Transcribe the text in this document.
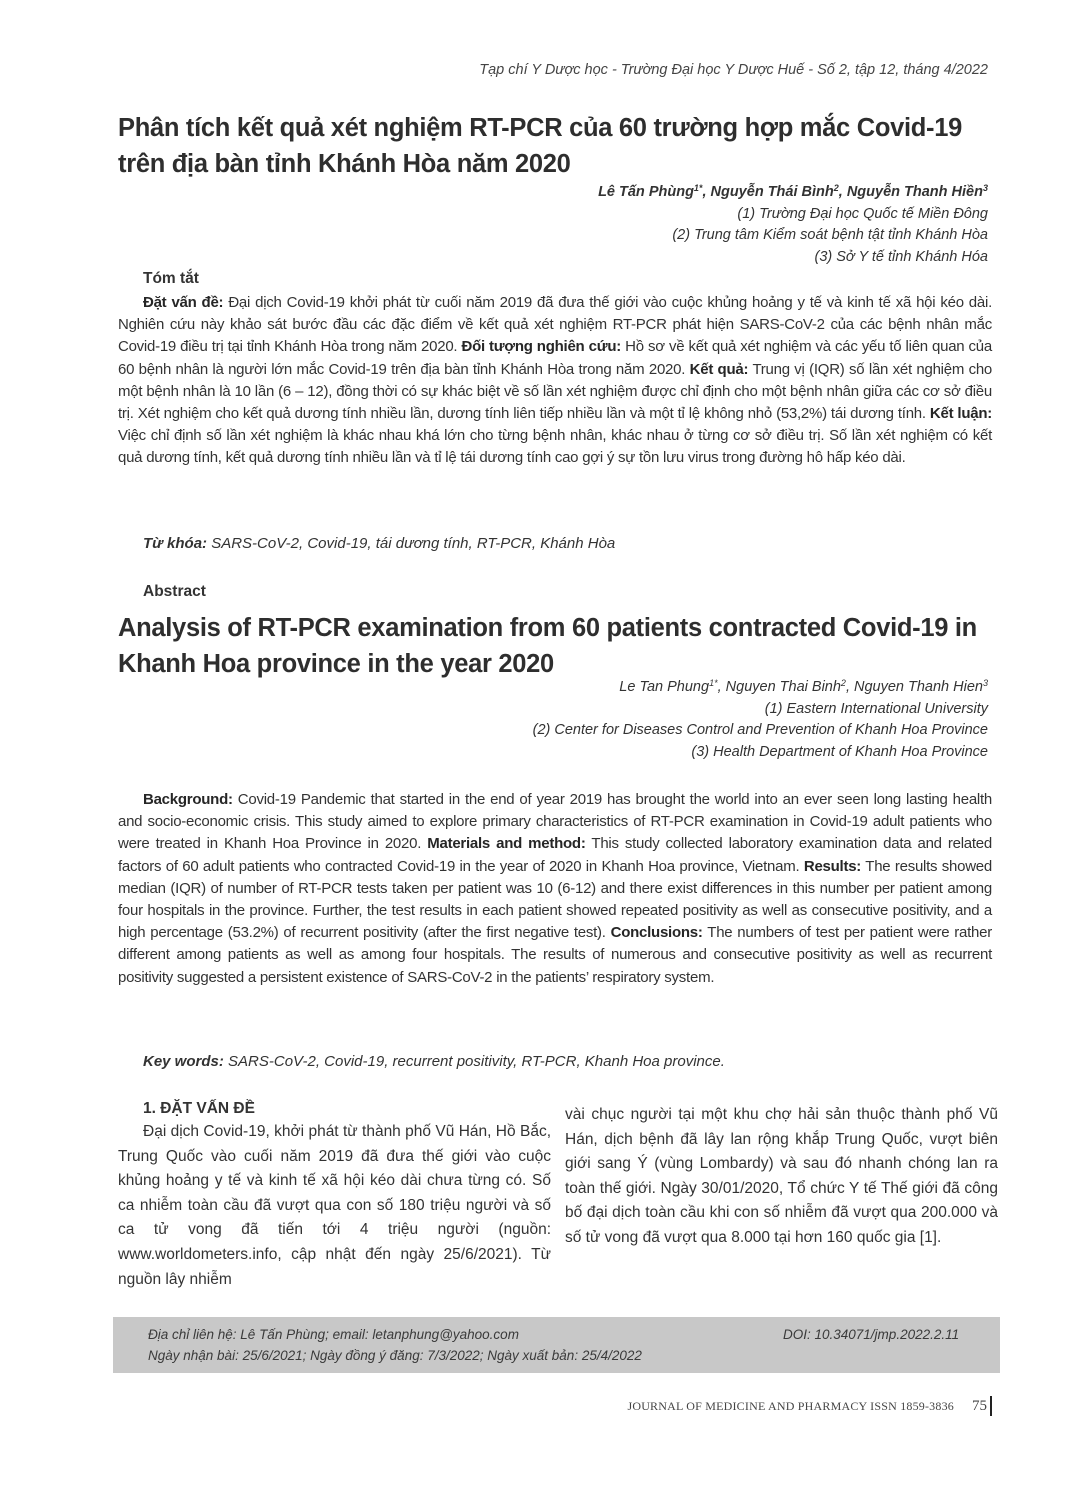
Tạp chí Y Dược học - Trường Đại học Y Dược Huế - Số 2, tập 12, tháng 4/2022
Phân tích kết quả xét nghiệm RT-PCR của 60 trường hợp mắc Covid-19 trên địa bàn tỉnh Khánh Hòa năm 2020
Lê Tấn Phùng$^{1*}$, Nguyễn Thái Bình$^2$, Nguyễn Thanh Hiền$^3$
(1) Trường Đại học Quốc tế Miền Đông
(2) Trung tâm Kiểm soát bệnh tật tỉnh Khánh Hòa
(3) Sở Y tế tỉnh Khánh Hóa
Tóm tắt
Đặt vấn đề: Đại dịch Covid-19 khởi phát từ cuối năm 2019 đã đưa thế giới vào cuộc khủng hoảng y tế và kinh tế xã hội kéo dài. Nghiên cứu này khảo sát bước đầu các đặc điểm về kết quả xét nghiệm RT-PCR phát hiện SARS-CoV-2 của các bệnh nhân mắc Covid-19 điều trị tại tỉnh Khánh Hòa trong năm 2020. Đối tượng nghiên cứu: Hồ sơ về kết quả xét nghiệm và các yếu tố liên quan của 60 bệnh nhân là người lớn mắc Covid-19 trên địa bàn tỉnh Khánh Hòa trong năm 2020. Kết quả: Trung vị (IQR) số lần xét nghiệm cho một bệnh nhân là 10 lần (6 – 12), đồng thời có sự khác biệt về số lần xét nghiệm được chỉ định cho một bệnh nhân giữa các cơ sở điều trị. Xét nghiệm cho kết quả dương tính nhiều lần, dương tính liên tiếp nhiều lần và một tỉ lệ không nhỏ (53,2%) tái dương tính. Kết luận: Việc chỉ định số lần xét nghiệm là khác nhau khá lớn cho từng bệnh nhân, khác nhau ở từng cơ sở điều trị. Số lần xét nghiệm có kết quả dương tính, kết quả dương tính nhiều lần và tỉ lệ tái dương tính cao gợi ý sự tồn lưu virus trong đường hô hấp kéo dài.
Từ khóa: SARS-CoV-2, Covid-19, tái dương tính, RT-PCR, Khánh Hòa
Abstract
Analysis of RT-PCR examination from 60 patients contracted Covid-19 in Khanh Hoa province in the year 2020
Le Tan Phung$^{1*}$, Nguyen Thai Binh$^2$, Nguyen Thanh Hien$^3$
(1) Eastern International University
(2) Center for Diseases Control and Prevention of Khanh Hoa Province
(3) Health Department of Khanh Hoa Province
Background: Covid-19 Pandemic that started in the end of year 2019 has brought the world into an ever seen long lasting health and socio-economic crisis. This study aimed to explore primary characteristics of RT-PCR examination in Covid-19 adult patients who were treated in Khanh Hoa Province in 2020. Materials and method: This study collected laboratory examination data and related factors of 60 adult patients who contracted Covid-19 in the year of 2020 in Khanh Hoa province, Vietnam. Results: The results showed median (IQR) of number of RT-PCR tests taken per patient was 10 (6-12) and there exist differences in this number per patient among four hospitals in the province. Further, the test results in each patient showed repeated positivity as well as consecutive positivity, and a high percentage (53.2%) of recurrent positivity (after the first negative test). Conclusions: The numbers of test per patient were rather different among patients as well as among four hospitals. The results of numerous and consecutive positivity as well as recurrent positivity suggested a persistent existence of SARS-CoV-2 in the patients’ respiratory system.
Key words: SARS-CoV-2, Covid-19, recurrent positivity, RT-PCR, Khanh Hoa province.
1. ĐẶT VẤN ĐỀ

Đại dịch Covid-19, khởi phát từ thành phố Vũ Hán, Hồ Bắc, Trung Quốc vào cuối năm 2019 đã đưa thế giới vào cuộc khủng hoảng y tế và kinh tế xã hội kéo dài chưa từng có. Số ca nhiễm toàn cầu đã vượt qua con số 180 triệu người và số ca tử vong đã tiến tới 4 triệu người (nguồn: www.worldometers.info, cập nhật đến ngày 25/6/2021). Từ nguồn lây nhiễm

vài chục người tại một khu chợ hải sản thuộc thành phố Vũ Hán, dịch bệnh đã lây lan rộng khắp Trung Quốc, vượt biên giới sang Ý (vùng Lombardy) và sau đó nhanh chóng lan ra toàn thế giới. Ngày 30/01/2020, Tổ chức Y tế Thế giới đã công bố đại dịch toàn cầu khi con số nhiễm đã vượt qua 200.000 và số tử vong đã vượt qua 8.000 tại hơn 160 quốc gia [1].

Địa chỉ liên hệ: Lê Tấn Phùng; email: letanphung@yahoo.com
Ngày nhận bài: 25/6/2021; Ngày đồng ý đăng: 7/3/2022; Ngày xuất bản: 25/4/2022
DOI: 10.34071/jmp.2022.2.11
JOURNAL OF MEDICINE AND PHARMACY ISSN 1859-3836 75
